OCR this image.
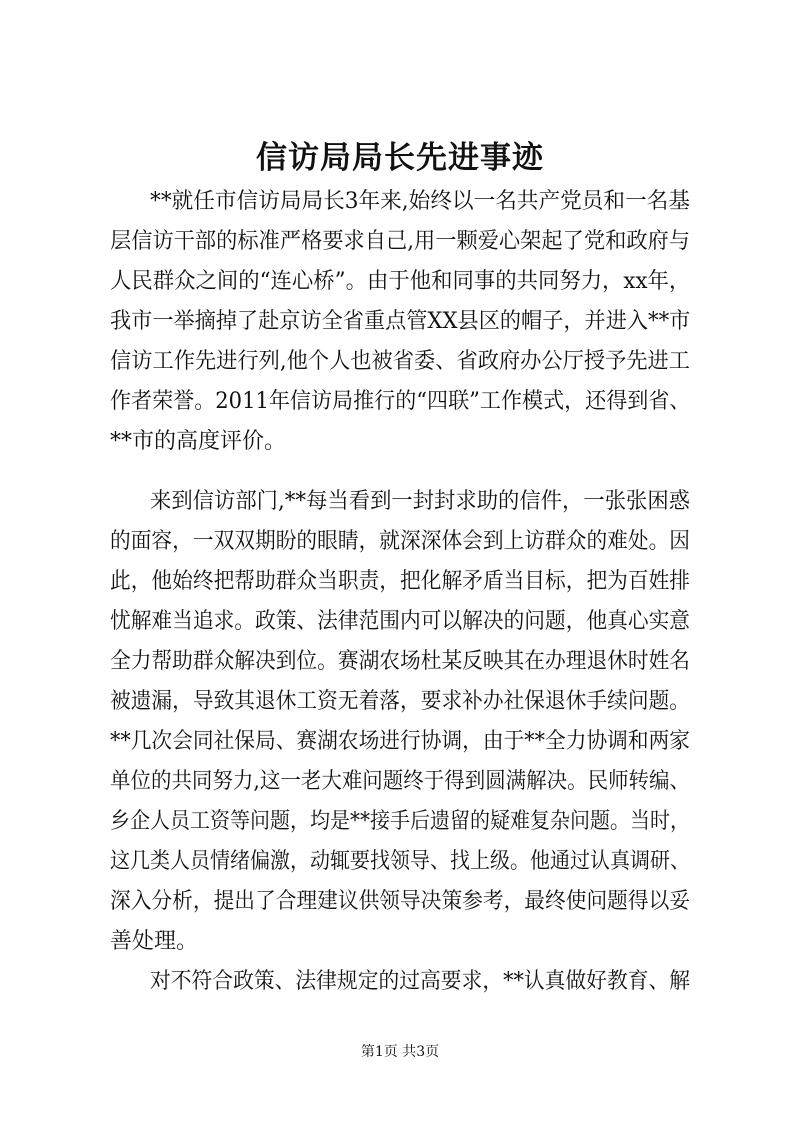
信访局局长先进事迹
**就任市信访局局长3年来,始终以一名共产党员和一名基
层信访干部的标准严格要求自己,用一颗爱心架起了党和政府与
人民群众之间的“连心桥”。由于他和同事的共同努力，xx年，
我市一举摘掉了赴京访全省重点管XX县区的帽子，并进入**市
信访工作先进行列,他个人也被省委、省政府办公厅授予先进工
作者荣誉。2011年信访局推行的“四联”工作模式，还得到省、
**市的高度评价。
来到信访部门,**每当看到一封封求助的信件，一张张困惑
的面容，一双双期盼的眼睛，就深深体会到上访群众的难处。因
此，他始终把帮助群众当职责，把化解矛盾当目标，把为百姓排
忧解难当追求。政策、法律范围内可以解决的问题，他真心实意
全力帮助群众解决到位。赛湖农场杜某反映其在办理退休时姓名
被遗漏，导致其退休工资无着落，要求补办社保退休手续问题。
**几次会同社保局、赛湖农场进行协调，由于**全力协调和两家
单位的共同努力,这一老大难问题终于得到圆满解决。民师转编、
乡企人员工资等问题，均是**接手后遗留的疑难复杂问题。当时，
这几类人员情绪偏激，动辄要找领导、找上级。他通过认真调研、
深入分析，提出了合理建议供领导决策参考，最终使问题得以妥
善处理。
对不符合政策、法律规定的过高要求，**认真做好教育、解
第1页 共3页
